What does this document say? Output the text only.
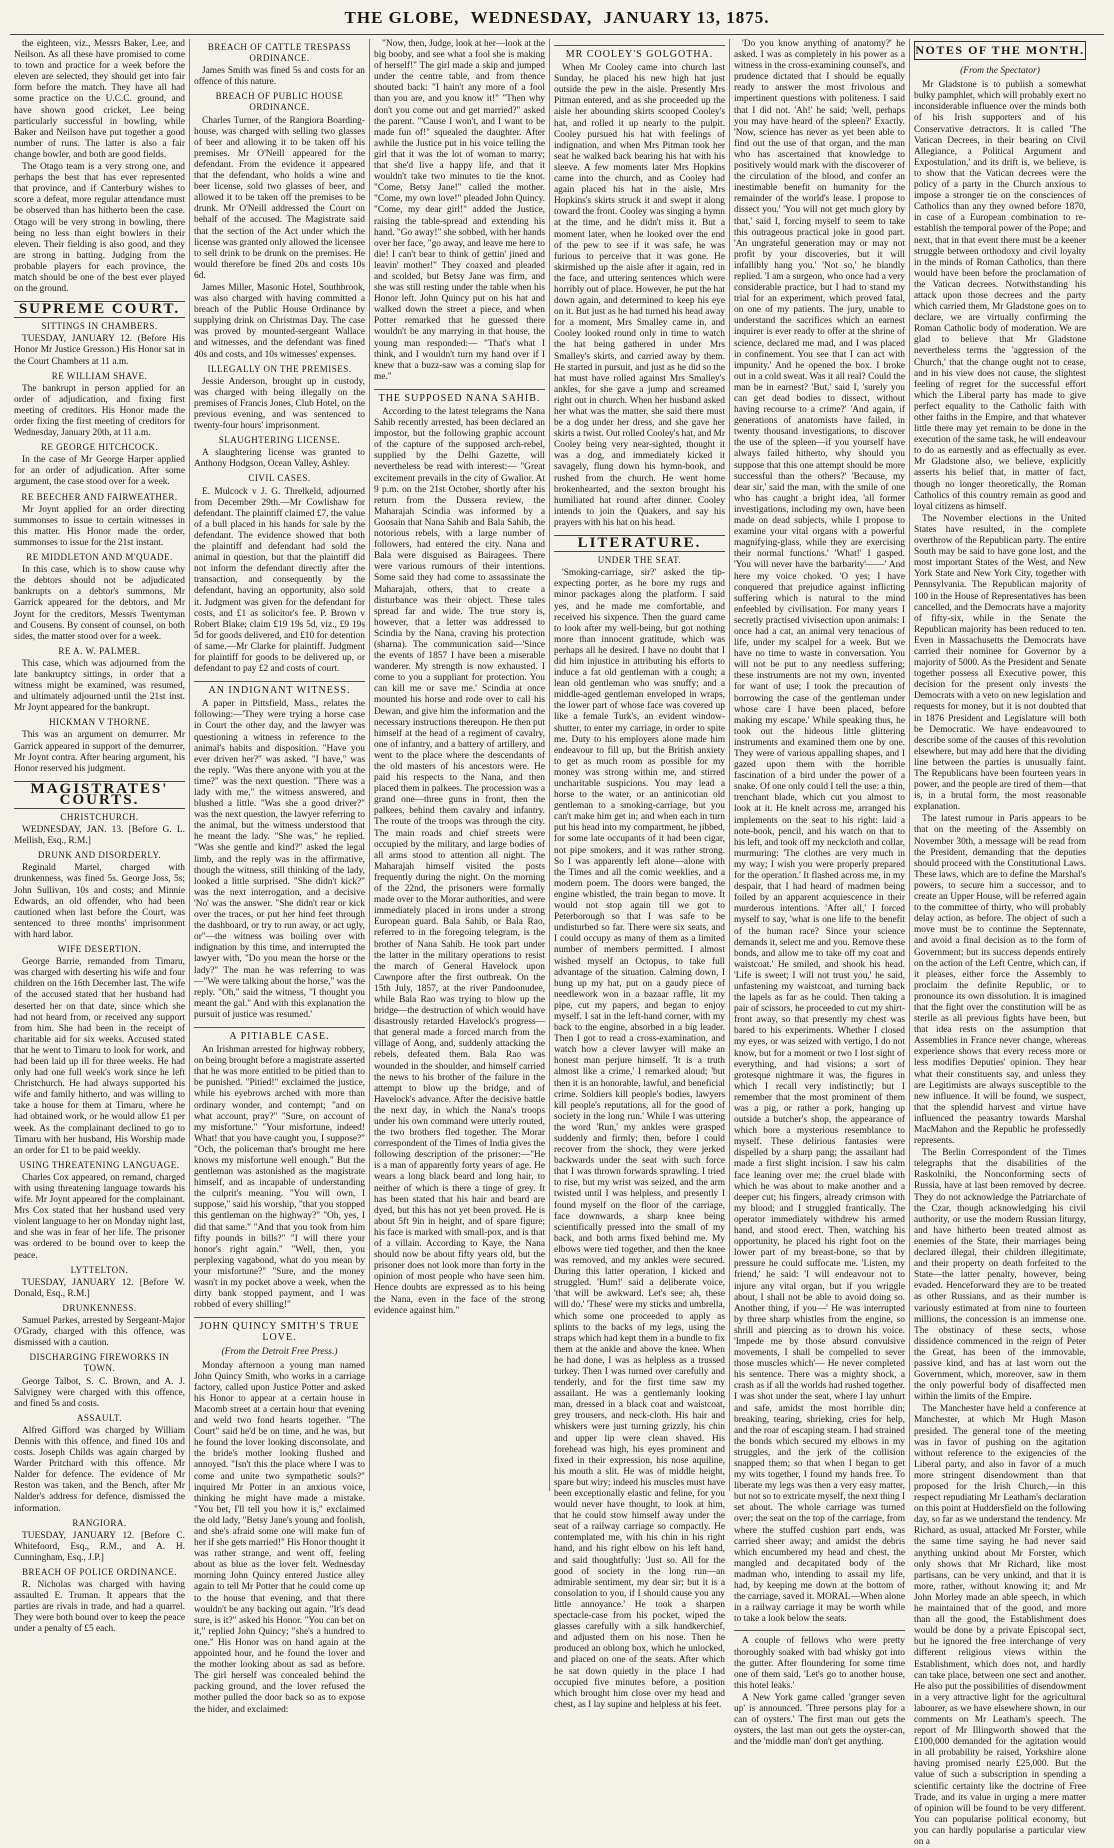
THE GLOBE, WEDNESDAY, JANUARY 13, 1875.

the eighteen, viz., Messrs Baker, Lee, and Neilson. As all these have promised to come to town and practice for a week before the eleven are selected, they should get into fair form before the match. They have all had some practice on the U.C.C. ground, and have shown good cricket, Lee being particularly successful in bowling, while Baker and Neilson have put together a good number of runs. The latter is also a fair change bowler, and both are good fields.

The Otago team is a very strong one, and perhaps the best that has ever represented that province, and if Canterbury wishes to score a defeat, more regular attendance must be observed than has hitherto been the case. Otago will be very strong in bowling, there being no less than eight bowlers in their eleven. Their fielding is also good, and they are strong in batting. Judging from the probable players for each province, the match should be one of the best ever played on the ground.

SUPREME COURT.
SITTINGS IN CHAMBERS.

TUESDAY, JANUARY 12. (Before His Honor Mr Justice Gresson.) His Honor sat in the Court Chambers at 11 a.m.

RE WILLIAM SHAVE.

The bankrupt in person applied for an order of adjudication, and fixing first meeting of creditors. His Honor made the order fixing the first meeting of creditors for Wednesday, January 20th, at 11 a.m.

RE GEORGE HITCHCOCK.

In the case of Mr George Harper applied for an order of adjudication. After some argument, the case stood over for a week.

RE BEECHER AND FAIRWEATHER.

Mr Joynt applied for an order directing summonses to issue to certain witnesses in this matter. His Honor made the order, summonses to issue for the 21st instant.

RE MIDDLETON AND M'QUADE.

In this case, which is to show cause why the debtors should not be adjudicated bankrupts on a debtor's summons, Mr Garrick appeared for the debtors, and Mr Joynt for the creditors, Messrs Twentyman and Cousens. By consent of counsel, on both sides, the matter stood over for a week.

RE A. W. PALMER.

This case, which was adjourned from the late bankruptcy sittings, in order that a witness might be examined, was resumed, and ultimately adjourned until the 21st inst. Mr Joynt appeared for the bankrupt.

HICKMAN V THORNE.

This was an argument on demurrer. Mr Garrick appeared in support of the demurrer, Mr Joynt contra. After hearing argument, his Honor reserved his judgment.

MAGISTRATES' COURTS.
CHRISTCHURCH.

WEDNESDAY, JAN. 13. [Before G. L. Mellish, Esq., R.M.]

DRUNK AND DISORDERLY.

Reginald Martel, charged with drunkenness, was fined 5s. George Joss, 5s; John Sullivan, 10s and costs; and Minnie Edwards, an old offender, who had been cautioned when last before the Court, was sentenced to three months' imprisonment with hard labor.

WIFE DESERTION.

George Barrie, remanded from Timaru, was charged with deserting his wife and four children on the 16th December last. The wife of the accused stated that her husband had deserted her on that date, since which she had not heard from, or received any support from him. She had been in the receipt of charitable aid for six weeks. Accused stated that he went to Timaru to look for work, and had been laid up ill for three weeks. He had only had one full week's work since he left Christchurch. He had always supported his wife and family hitherto, and was willing to take a house for them at Timaru, where he had obtained work, or he would allow £1 per week. As the complainant declined to go to Timaru with her husband, His Worship made an order for £1 to be paid weekly.

USING THREATENING LANGUAGE.

Charles Cox appeared, on remand, charged with using threatening language towards his wife. Mr Joynt appeared for the complainant. Mrs Cox stated that her husband used very violent language to her on Monday night last, and she was in fear of her life. The prisoner was ordered to be bound over to keep the peace.

LYTTELTON.

TUESDAY, JANUARY 12. [Before W. Donald, Esq., R.M.]

DRUNKENNESS.

Samuel Parkes, arrested by Sergeant-Major O'Grady, charged with this offence, was dismissed with a caution.

DISCHARGING FIREWORKS IN TOWN.

George Talbot, S. C. Brown, and A. J. Salvigney were charged with this offence, and fined 5s and costs.

ASSAULT.

Alfred Gifford was charged by William Dennis with this offence, and fined 10s and costs. Joseph Childs was again charged by Warder Pritchard with this offence. Mr Nalder for defence. The evidence of Mr Reston was taken, and the Bench, after Mr Nalder's address for defence, dismissed the information.

RANGIORA.

TUESDAY, JANUARY 12. [Before C. Whitefoord, Esq., R.M., and A. H. Cunningham, Esq., J.P.]

BREACH OF POLICE ORDINANCE.

R. Nicholas was charged with having assaulted E. Truman. It appears that the parties are rivals in trade, and had a quarrel. They were both bound over to keep the peace under a penalty of £5 each.

BREACH OF CATTLE TRESPASS ORDINANCE.

James Smith was fined 5s and costs for an offence of this nature.

BREACH OF PUBLIC HOUSE ORDINANCE.

Charles Turner, of the Rangiora Boarding-house, was charged with selling two glasses of beer and allowing it to be taken off his premises. Mr O'Neill appeared for the defendant. From the evidence it appeared that the defendant, who holds a wine and beer license, sold two glasses of beer, and allowed it to be taken off the premises to be drunk. Mr O'Neill addressed the Court on behalf of the accused. The Magistrate said that the section of the Act under which the license was granted only allowed the licensee to sell drink to be drunk on the premises. He would therefore be fined 20s and costs 10s 6d.

James Miller, Masonic Hotel, Southbrook, was also charged with having committed a breach of the Public House Ordinance by supplying drink on Christmas Day. The case was proved by mounted-sergeant Wallace and witnesses, and the defendant was fined 40s and costs, and 10s witnesses' expenses.

ILLEGALLY ON THE PREMISES.

Jessie Anderson, brought up in custody, was charged with being illegally on the premises of Francis Jones, Club Hotel, on the previous evening, and was sentenced to twenty-four hours' imprisonment.

SLAUGHTERING LICENSE.

A slaughtering license was granted to Anthony Hodgson, Ocean Valley, Ashley.

CIVIL CASES.

E. Mulcock v J. G. Threlkeld, adjourned from December 29th.—Mr Cowlishaw for defendant. The plaintiff claimed £7, the value of a bull placed in his hands for sale by the defendant. The evidence showed that both the plaintiff and defendant had sold the animal in question, but that the plaintiff did not inform the defendant directly after the transaction, and consequently by the defendant, having an opportunity, also sold it. Judgment was given for the defendant for costs, and £1 as solicitor's fee. P. Brown v Robert Blake; claim £19 19s 5d, viz., £9 19s 5d for goods delivered, and £10 for detention of same.—Mr Clarke for plaintiff. Judgment for plaintiff for goods to be delivered up, or defendant to pay £2 and costs of court.

AN INDIGNANT WITNESS.

A paper in Pittsfield, Mass., relates the following:—'They were trying a horse case in Court the other day, and the lawyer was questioning a witness in reference to the animal's habits and disposition. "Have you ever driven her?" was asked. "I have," was the reply. "Was there anyone with you at the time?" was the next question. "There was a lady with me," the witness answered, and blushed a little. "Was she a good driver?" was the next question, the lawyer referring to the animal, but the witness understood that he meant the lady. "She was," he replied. "Was she gentle and kind?" asked the legal limb, and the reply was in the affirmative, though the witness, still thinking of the lady, looked a little surprised. "She didn't kick?" was the next interrogation, and a decisive 'No' was the answer. "She didn't rear or kick over the traces, or put her hind feet through the dashboard, or try to run away, or act ugly, or"—the witness was boiling over with indignation by this time, and interrupted the lawyer with, "Do you mean the horse or the lady?" The man he was referring to was—"We were talking about the horse," was the reply. "Oh," said the witness, "I thought you meant the gal." And with this explanation the pursuit of justice was resumed.'

A PITIABLE CASE.

An Irishman arrested for highway robbery, on being brought before a magistrate asserted that he was more entitled to be pitied than to be punished. "Pitied!" exclaimed the justice, while his eyebrows arched with more than ordinary wonder, and contempt; "and on what account, pray?" "Sure, on account of my misfortune." "Your misfortune, indeed! What! that you have caught you, I suppose?" "Och, the policeman that's brought me here knows my misfortune well enough." But the gentleman was astonished as the magistrate himself, and as incapable of understanding the culprit's meaning. "You will own, I suppose," said his worship, "that you stopped this gentleman on the highway?" "Oh, yes, I did that same." "And that you took from him fifty pounds in bills?" "I will there your honor's right again." "Well, then, you perplexing vagabond, what do you mean by your misfortune?" "Sure, and the money wasn't in my pocket above a week, when the dirty bank stopped payment, and I was robbed of every shilling!"

JOHN QUINCY SMITH'S TRUE LOVE.
(From the Detroit Free Press.)

Monday afternoon a young man named John Quincy Smith, who works in a carriage factory, called upon Justice Potter and asked his Honor to appear at a certain house in Macomb street at a certain hour that evening and weld two fond hearts together. "The Court" said he'd be on time, and he was, but he found the lover looking disconsolate, and the bride's mother looking flushed and annoyed. "Isn't this the place where I was to come and unite two sympathetic souls?" inquired Mr Potter in an anxious voice, thinking he might have made a mistake. "You bet, I'll tell you how it is," exclaimed the old lady, "Betsy Jane's young and foolish, and she's afraid some one will make fun of her if she gets married!" His Honor thought it was rather strange, and went off, feeling about as blue as the lover felt. Wednesday morning John Quincy entered Justice alley again to tell Mr Potter that he could come up to the house that evening, and that there wouldn't be any backing out again. "It's dead sure, is it?" asked his Honor. "You can bet on it," replied John Quincy; "she's a hundred to one." His Honor was on hand again at the appointed hour, and he found the lover and the mother looking about as sad as before. The girl herself was concealed behind the packing ground, and the lover refused the mother pulled the door back so as to expose the hider, and exclaimed:

"Now, then, Judge, look at her—look at the big booby, and see what a fool she is making of herself!" The girl made a skip and jumped under the centre table, and from thence shouted back: "I hain't any more of a fool than you are, and you know it!" "Then why don't you come out and get married?" asked the parent. "'Cause I won't, and I want to be made fun of!" squealed the daughter. After awhile the Justice put in his voice telling the girl that it was the lot of woman to marry; that she'd live a happy life, and that it wouldn't take two minutes to tie the knot. "Come, Betsy Jane!" called the mother. "Come, my own love!" pleaded John Quincy. "Come, my dear girl!" added the Justice, raising the table-spread and extending his hand. "Go away!" she sobbed, with her hands over her face, "go away, and leave me here to die! I can't bear to think of gettin' jined and leavin' mother!" They coaxed and pleaded and scolded, but Betsy Jane was firm, and she was still resting under the table when his Honor left. John Quincy put on his hat and walked down the street a piece, and when Potter remarked that he guessed there wouldn't be any marrying in that house, the young man responded:— "That's what I think, and I wouldn't turn my hand over if I knew that a buzz-saw was a coming slap for me."

THE SUPPOSED NANA SAHIB.

According to the latest telegrams the Nana Sahib recently arrested, has been declared an impostor, but the following graphic account of the capture of the supposed arch-rebel, supplied by the Delhi Gazette, will nevertheless be read with interest:— "Great excitement prevails in the city of Gwalior. At 9 p.m. on the 21st October, shortly after his return from the Dussera review, the Maharajah Scindia was informed by a Goosain that Nana Sahib and Bala Sahib, the notorious rebels, with a large number of followers, had entered the city. Nana and Bala were disguised as Bairagees. There were various rumours of their intentions. Some said they had come to assassinate the Maharajah, others, that to create a disturbance was their object. These tales spread far and wide. The true story is, however, that a letter was addressed to Scindia by the Nana, craving his protection (sharna). The communication said—'Since the events of 1857 I have been a miserable wanderer. My strength is now exhausted. I come to you a suppliant for protection. You can kill me or save me.' Scindia at once mounted his horse and rode over to call his Dewan, and give him the information and the necessary instructions thereupon. He then put himself at the head of a regiment of cavalry, one of infantry, and a battery of artillery, and went to the place where the descendants of the old masters of his ancestors were. He paid his respects to the Nana, and then placed them in palkees. The procession was a grand one—three guns in front, then the palkees, behind them cavalry and infantry. The route of the troops was through the city. The main roads and chief streets were occupied by the military, and large bodies of all arms stood to attention all night. The Maharajah himself visited the posts frequently during the night. On the morning of the 22nd, the prisoners were formally made over to the Morar authorities, and were immediately placed in irons under a strong European guard. Bala Sahib, or Bala Rao, referred to in the foregoing telegram, is the brother of Nana Sahib. He took part under the latter in the military operations to resist the march of General Havelock upon Cawnpore after the first outbreak. On the 15th July, 1857, at the river Pandoonudee, while Bala Rao was trying to blow up the bridge—the destruction of which would have disastrously retarded Havelock's progress—that general made a forced march from the village of Aong, and, suddenly attacking the rebels, defeated them. Bala Rao was wounded in the shoulder, and himself carried the news to his brother of the failure in the attempt to blow up the bridge, and of Havelock's advance. After the decisive battle the next day, in which the Nana's troops under his own command were utterly routed, the two brothers fled together. The Morar correspondent of the Times of India gives the following description of the prisoner:—"He is a man of apparently forty years of age. He wears a long black beard and long hair, to neither of which is there a tinge of grey. It has been stated that his hair and beard are dyed, but this has not yet been proved. He is about 5ft 9in in height, and of spare figure; his face is marked with small-pox, and is that of a villain. According to Kaye, the Nana should now be about fifty years old, but the prisoner does not look more than forty in the opinion of most people who have seen him. Hence doubts are expressed as to his being the Nana, even in the face of the strong evidence against him."

MR COOLEY'S GOLGOTHA.

When Mr Cooley came into church last Sunday, he placed his new high hat just outside the pew in the aisle. Presently Mrs Pitman entered, and as she proceeded up the aisle her abounding skirts scooped Cooley's hat, and rolled it up nearly to the pulpit. Cooley pursued his hat with feelings of indignation, and when Mrs Pitman took her seat he walked back bearing his hat with his sleeve. A few moments later Mrs Hopkins came into the church, and as Cooley had again placed his hat in the aisle, Mrs Hopkins's skirts struck it and swept it along toward the front. Cooley was singing a hymn at the time, and he didn't miss it. But a moment later, when he looked over the end of the pew to see if it was safe, he was furious to perceive that it was gone. He skirmished up the aisle after it again, red in the face, and uttering sentences which were horribly out of place. However, he put the hat down again, and determined to keep his eye on it. But just as he had turned his head away for a moment, Mrs Smalley came in, and Cooley looked round only in time to watch the hat being gathered in under Mrs Smalley's skirts, and carried away by them. He started in pursuit, and just as he did so the hat must have rolled against Mrs Smalley's ankles, for she gave a jump and screamed right out in church. When her husband asked her what was the matter, she said there must be a dog under her dress, and she gave her skirts a twist. Out rolled Cooley's hat, and Mr Cooley being very near-sighted, thought it was a dog, and immediately kicked it savagely, flung down his hymn-book, and rushed from the church. He went home brokenhearted, and the sexton brought his humiliated hat round after dinner. Cooley intends to join the Quakers, and say his prayers with his hat on his head.

LITERATURE.
UNDER THE SEAT.

'Smoking-carriage, sir?' asked the tip-expecting porter, as he bore my rugs and minor packages along the platform. I said yes, and he made me comfortable, and received his sixpence. Then the guard came to look after my well-being, but got nothing more than innocent gratitude, which was perhaps all he desired. I have no doubt that I did him injustice in attributing his efforts to induce a fat old gentleman with a cough; a lean old gentleman who was snuffy; and a middle-aged gentleman enveloped in wraps, the lower part of whose face was covered up like a female Turk's, an evident window-shutter, to enter my carriage, in order to spite me. Duty to his employers alone made him endeavour to fill up, but the British anxiety to get as much room as possible for my money was strong within me, and stirred uncharitable suspicions. You may lead a horse to the water, or an antinicotian old gentleman to a smoking-carriage, but you can't make him get in; and when each in turn put his head into my compartment, he jibbed, for some late occupants of it had been cigar, not pipe smokers, and it was rather strong. So I was apparently left alone—alone with the Times and all the comic weeklies, and a modern poem. The doors were banged, the engine whistled, the train began to move. It would not stop again till we got to Peterborough so that I was safe to be undisturbed so far. There were six seats, and I could occupy as many of them as a limited number of members permitted. I almost wished myself an Octopus, to take full advantage of the situation. Calming down, I hung up my hat, put on a gaudy piece of needlework won in a bazaar raffle, lit my pipe, cut my papers, and began to enjoy myself. I sat in the left-hand corner, with my back to the engine, absorbed in a big leader. Then I got to read a cross-examination, and watch how a clever lawyer will make an honest man perjure himself. 'It is a truth almost like a crime,' I remarked aloud; 'but then it is an honorable, lawful, and beneficial crime. Soldiers kill people's bodies, lawyers kill people's reputations, all for the good of society in the long run.' While I was uttering the word 'Run,' my ankles were grasped suddenly and firmly; then, before I could recover from the shock, they were jerked backwards under the seat with such force that I was thrown forwards sprawling. I tried to rise, but my wrist was seized, and the arm twisted until I was helpless, and presently I found myself on the floor of the carriage, face downwards, a sharp knee being scientifically pressed into the small of my back, and both arms fixed behind me. My elbows were tied together, and then the knee was removed, and my ankles were secured. During this latter operation, I kicked and struggled. 'Hum!' said a deliberate voice, 'that will be awkward. Let's see; ah, these will do.' 'These' were my sticks and umbrella, which some one proceeded to apply as splints to the backs of my legs, using the straps which had kept them in a bundle to fix them at the ankle and above the knee. When he had done, I was as helpless as a trussed turkey. Then I was turned over carefully and tenderly, and for the first time saw my assailant. He was a gentlemanly looking man, dressed in a black coat and waistcoat, grey trousers, and neck-cloth. His hair and whiskers were just turning grizzly, his chin and upper lip were clean shaved. His forehead was high, his eyes prominent and fixed in their expression, his nose aquiline, his mouth a slit. He was of middle height, spare but wiry; indeed his muscles must have been exceptionally elastic and feline, for you would never have thought, to look at him, that he could stow himself away under the seat of a railway carriage so compactly. He contemplated me, with his chin in his right hand, and his right elbow on his left hand, and said thoughtfully: 'Just so. All for the good of society in the long run—an admirable sentiment, my dear sir; but it is a consolation to you, if I should cause you any little annoyance.' He took a sharpen spectacle-case from his pocket, wiped the glasses carefully with a silk handkerchief, and adjusted them on his nose. Then he produced an oblong box, which he unlocked, and placed on one of the seats. After which he sat down quietly in the place I had occupied five minutes before, a position which brought him close over my head and chest, as I lay supine and helpless at his feet.

'Do you know anything of anatomy?' he asked. I was as completely in his power as a witness in the cross-examining counsel's, and prudence dictated that I should be equally ready to answer the most frivolous and impertinent questions with politeness. I said that I did not. 'Ah!' he said; 'well, perhaps you may have heard of the spleen?' Exactly. 'Now, science has never as yet been able to find out the use of that organ, and the man who has ascertained that knowledge to positively would mark with the discoverer of the circulation of the blood, and confer an inestimable benefit on humanity for the remainder of the world's lease. I propose to dissect you.' 'You will not get much glory by that,' said I, forcing myself to seem to take this outrageous practical joke in good part. 'An ungrateful generation may or may not profit by your discoveries, but it will infallibly hang you.' 'Not so,' he blandly replied. 'I am a surgeon, who once had a very considerable practice, but I had to stand my trial for an experiment, which proved fatal, on one of my patients. The jury, unable to understand the sacrifices which an earnest inquirer is ever ready to offer at the shrine of science, declared me mad, and I was placed in confinement. You see that I can act with impunity.' And he opened the box. I broke out in a cold sweat. Was it all real? Could the man be in earnest? 'But,' said I, 'surely you can get dead bodies to dissect, without having recourse to a crime?' 'And again, if generations of anatomists have failed, in twenty thousand investigations, to discover the use of the spleen—if you yourself have always failed hitherto, why should you suppose that this one attempt should be more successful than the others?' 'Because, my dear sir,' said the man, with the smile of one who has caught a bright idea, 'all former investigations, including my own, have been made on dead subjects, while I propose to examine your vital organs with a powerful magnifying-glass, while they are exercising their normal functions.' 'What!' I gasped. 'You will never have the barbarity'——' And here my voice choked. 'O yes; I have conquered that prejudice against inflicting suffering which is natural to the mind enfeebled by civilisation. For many years I secretly practised vivisection upon animals: I once had a cat, an animal very tenacious of life, under my scalpel for a week. But we have no time to waste in conversation. You will not be put to any needless suffering; these instruments are not my own, invented for want of use; I took the precaution of borrowing the case of the gentleman under whose care I have been placed, before making my escape.' While speaking thus, he took out the hideous little glittering instruments and examined them one by one. They were of various appalling shapes, and I gazed upon them with the horrible fascination of a bird under the power of a snake. Of one only could I tell the use: a thin, trenchant blade, which cut you almost to look at it. He knelt across me, arranged his implements on the seat to his right: laid a note-book, pencil, and his watch on that to his left, and took off my neckcloth and collar, murmuring: 'The clothes are very much in my way; I wish you were properly prepared for the operation.' It flashed across me, in my despair, that I had heard of madmen being foiled by an apparent acquiescence in their murderous intentions. 'After all,' I forced myself to say, 'what is one life to the benefit of the human race? Since your science demands it, select me and you. Remove these bonds, and allow me to take off my coat and waistcoat.' He smiled, and shook his head. 'Life is sweet; I will not trust you,' he said, unfastening my waistcoat, and turning back the lapels as far as he could. Then taking a pair of scissors, he proceeded to cut my shirt-front away, so that presently my chest was bared to his experiments. Whether I closed my eyes, or was seized with vertigo, I do not know, but for a moment or two I lost sight of everything, and had visions; a sort of grotesque nightmare it was, the figures in which I recall very indistinctly; but I remember that the most prominent of them was a pig, or rather a pork, hanging up outside a butcher's shop, the appearance of which bore a mysterious resemblance to myself. These delirious fantasies were dispelled by a sharp pang; the assailant had made a first slight incision. I saw his calm face leaning over me; the cruel blade with which he was about to make another and a deeper cut; his fingers, already crimson with my blood; and I struggled frantically. The operator immediately withdrew his armed hand, and stood erect. Then, watching his opportunity, he placed his right foot on the lower part of my breast-bone, so that by pressure he could suffocate me. 'Listen, my friend,' he said: 'I will endeavour not to injure any vital organ, but if you wriggle about, I shall not be able to avoid doing so. Another thing, if you—' He was interrupted by three sharp whistles from the engine, so shrill and piercing as to drown his voice. 'Impede me by those absurd convulsive movements, I shall be compelled to sever those muscles which'— He never completed his sentence. There was a mighty shock, a crash as if all the worlds had rushed together. I was shot under the seat, where I lay unhurt and safe, amidst the most horrible din; breaking, tearing, shrieking, cries for help, and the roar of escaping steam. I had strained the bonds which secured my elbows in my struggles, and the jerk of the collision snapped them; so that when I began to get my wits together, I found my hands free. To liberate my legs was then a very easy matter, but not so to extricate myself, the next thing I set about. The whole carriage was turned over; the seat on the top of the carriage, from where the stuffed cushion part ends, was carried sheer away; and amidst the debris which encumbered my head and chest, the mangled and decapitated body of the madman who, intending to assail my life, had, by keeping me down at the bottom of the carriage, saved it. MORAL—When alone in a railway carriage it may be worth while to take a look below the seats.

A couple of fellows who were pretty thoroughly soaked with bad whisky got into the gutter. After floundering for some time one of them said, 'Let's go to another house, this hotel leaks.'

A New York game called 'granger seven up' is announced. 'Three persons play for a can of oysters.' The first man out gets the oysters, the last man out gets the oyster-can, and the 'middle man' don't get anything.

NOTES OF THE MONTH.
(From the Spectator)

Mr Gladstone is to publish a somewhat bulky pamphlet, which will probably exert no inconsiderable influence over the minds both of his Irish supporters and of his Conservative detractors. It is called 'The Vatican Decrees, in their bearing on Civil Allegiance, a Political Argument and Expostulation,' and its drift is, we believe, is to show that the Vatican decrees were the policy of a party in the Church anxious to impose a stronger tie on the consciences of Catholics than any they owned before 1870, in case of a European combination to re-establish the temporal power of the Pope; and next, that in that event there must be a keener struggle between orthodoxy and civil loyalty in the minds of Roman Catholics, than there would have been before the proclamation of the Vatican decrees. Notwithstanding his attack upon those decrees and the party which carried them, Mr Gladstone goes on to declare, we are virtually confirming the Roman Catholic body of moderation. We are glad to believe that Mr Gladstone nevertheless terms the 'aggression of the Church,' that the change ought not to cease, and in his view does not cause, the slightest feeling of regret for the successful effort which the Liberal party has made to give perfect equality to the Catholic faith with other faiths in the Empire, and that whatever little there may yet remain to be done in the execution of the same task, he will endeavour to do as earnestly and as effectually as ever. Mr Gladstone also, we believe, explicitly asserts his belief that, in matter of fact, though no longer theoretically, the Roman Catholics of this country remain as good and loyal citizens as himself.

The November elections in the United States have resulted, in the complete overthrow of the Republican party. The entire South may be said to have gone lost, and the most important States of the West, and New York State and New York City, together with Pennsylvania. The Republican majority of 100 in the House of Representatives has been cancelled, and the Democrats have a majority of fifty-six, while in the Senate the Republican majority has been reduced to ten. Even in Massachusetts the Democrats have carried their nominee for Governor by a majority of 5000. As the President and Senate together possess all Executive power, this decision for the present only invests the Democrats with a veto on new legislation and requests for money, but it is not doubted that in 1876 President and Legislature will both be Democratic. We have endeavoured to describe some of the causes of this revolution elsewhere, but may add here that the dividing line between the parties is unusually faint. The Republicans have been fourteen years in power, and the people are tired of them—that is, in a brutal form, the most reasonable explanation.

The latest rumour in Paris appears to be that on the meeting of the Assembly on November 30th, a message will be read from the President, demanding that the deputies should proceed with the Constitutional Laws. These laws, which are to define the Marshal's powers, to secure him a successor, and to create an Upper House, will be referred again to the committee of thirty, who will probably delay action, as before. The object of such a move must be to continue the Septennate, and avoid a final decision as to the form of Government; but its success depends entirely on the action of the Left Centre, which can, if it pleases, either force the Assembly to proclaim the definite Republic, or to pronounce its own dissolution. It is imagined that the fight over the constitution will be as sterile as all previous fights have been, but that idea rests on the assumption that Assemblies in France never change, whereas experience shows that every recess more or less modifies Deputies' opinion. They hear what their constituents say, and unless they are Legitimists are always susceptible to the new influence. It will be found, we suspect, that the splendid harvest and virtue have influenced the peasantry towards Marshal MacMahon and the Republic he professedly represents.

The Berlin Correspondent of the Times telegraphs that the disabilities of the Raskolniki, the Nonconforming sects of Russia, have at last been removed by decree. They do not acknowledge the Patriarchate of the Czar, though acknowledging his civil authority, or use the modern Russian liturgy, and have hitherto been treated almost as enemies of the State, their marriages being declared illegal, their children illegitimate, and their property on death forfeited to the State—the latter penalty, however, being evaded. Henceforward they are to be treated as other Russians, and as their number is variously estimated at from nine to fourteen millions, the concession is an immense one. The obstinacy of these sects, whose dissidence commenced in the reign of Peter the Great, has been of the immovable, passive kind, and has at last worn out the Government, which, moreover, saw in them the only powerful body of disaffected men within the limits of the Empire.

The Manchester have held a conference at Manchester, at which Mr Hugh Mason presided. The general tone of the meeting was in favor of pushing on the agitation without reference to the exigencies of the Liberal party, and also in favor of a much more stringent disendowment than that proposed for the Irish Church,—in this respect repudiating Mr Leatham's declaration on this point at Huddersfield on the following day, so far as we understand the tendency. Mr Richard, as usual, attacked Mr Forster, while the same time saying he had never said anything unkind about Mr Forster, which only shows that Mr Richard, like most partisans, can be very unkind, and that it is more, rather, without knowing it; and Mr John Morley made an able speech, in which he maintained that of the good, and more than all the good, the Establishment does would be done by a private Episcopal sect, but he ignored the free interchange of very different religious views within the Establishment, which does not, and hardly can take place, between one sect and another. He also put the possibilities of disendowment in a very attractive light for the agricultural labourer, as we have elsewhere shown, in our comments on Mr Leatham's speech. The report of Mr Illingworth showed that the £100,000 demanded for the agitation would in all probability be raised, Yorkshire alone having promised nearly £25,000. But the value of such a subscription in spending a scientific certainty like the doctrine of Free Trade, and its value in urging a mere matter of opinion will be found to be very different. You can popularise political economy, but you can hardly popularise a particular view on a
